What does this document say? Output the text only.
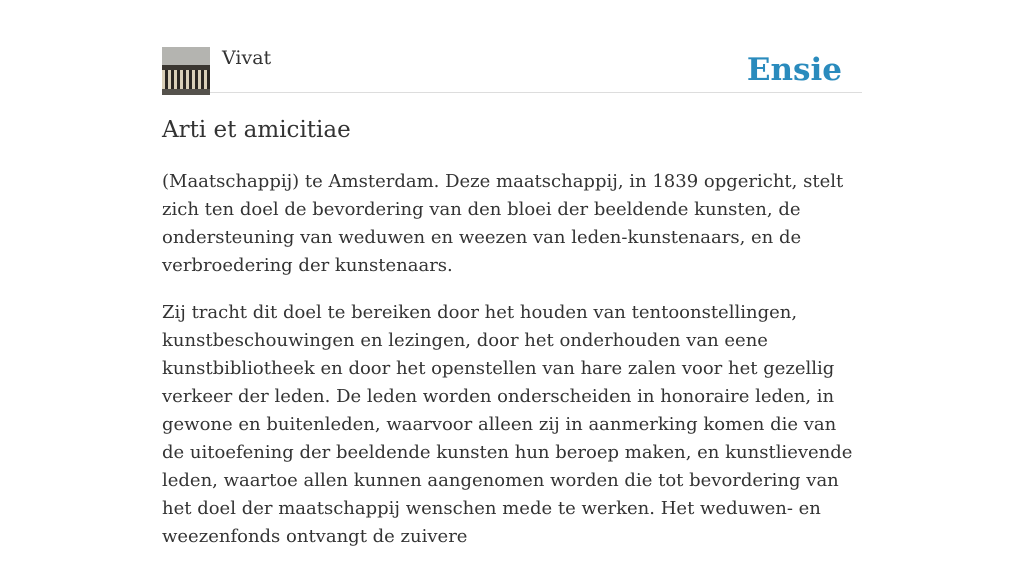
Vivat	Ensie
Arti et amicitiae

(Maatschappij) te Amsterdam. Deze maatschappij, in 1839 opgericht, stelt zich ten doel de bevordering van den bloei der beeldende kunsten, de ondersteuning van weduwen en weezen van leden-kunstenaars, en de verbroedering der kunstenaars.

Zij tracht dit doel te bereiken door het houden van tentoonstellingen, kunstbeschouwingen en lezingen, door het onderhouden van eene kunstbibliotheek en door het openstellen van hare zalen voor het gezellig verkeer der leden. De leden worden onderscheiden in honoraire leden, in gewone en buitenleden, waarvoor alleen zij in aanmerking komen die van de uitoefening der beeldende kunsten hun beroep maken, en kunstlievende leden, waartoe allen kunnen aangenomen worden die tot bevordering van het doel der maatschappij wenschen mede te werken. Het weduwen- en weezenfonds ontvangt de zuivere
